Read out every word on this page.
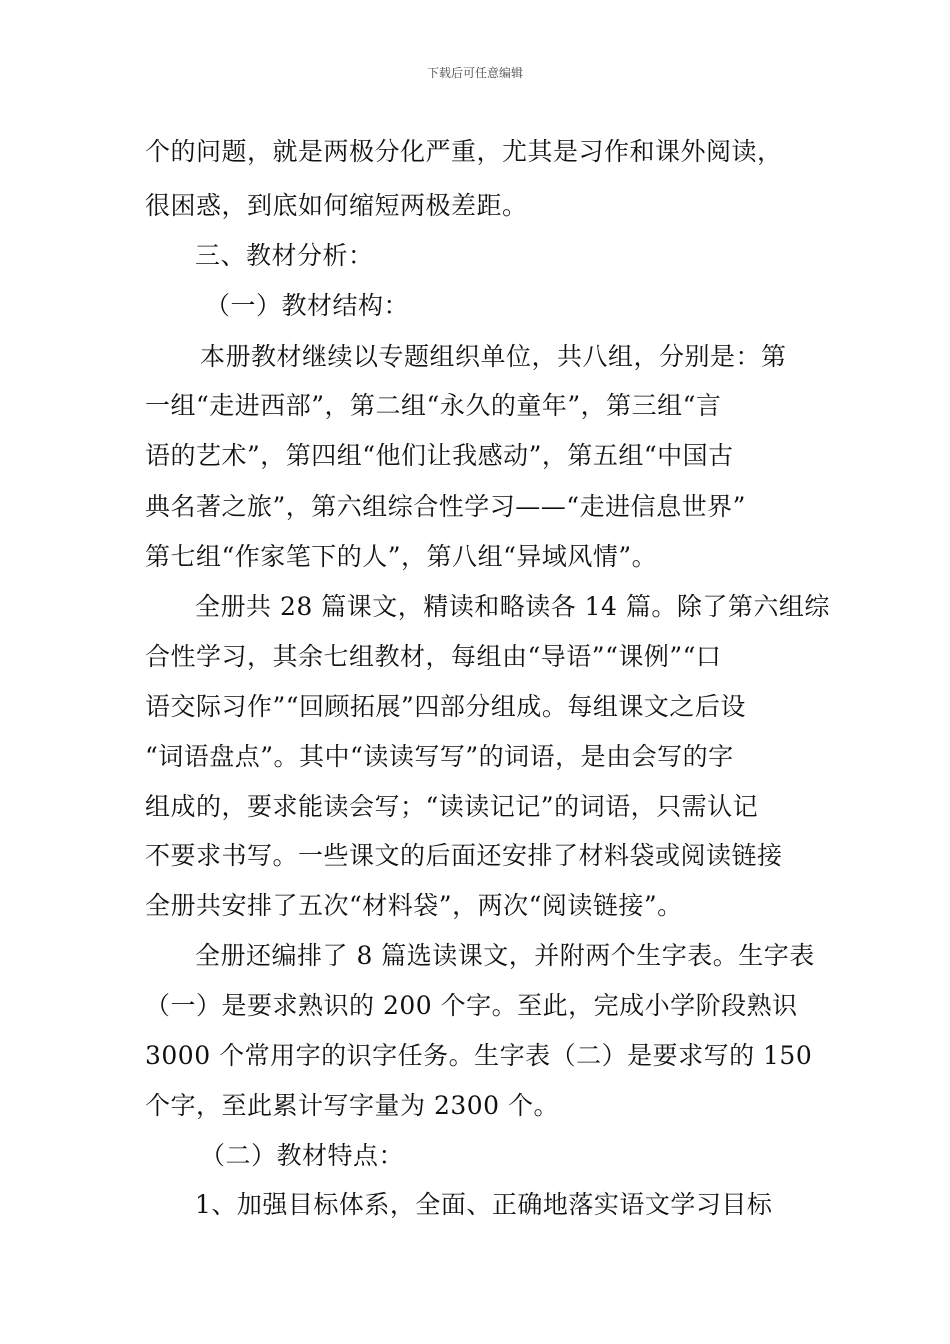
下载后可任意编辑
个的问题，就是两极分化严重，尤其是习作和课外阅读，
很困惑，到底如何缩短两极差距。
三、教材分析：
（一）教材结构：
本册教材继续以专题组织单位，共八组，分别是：第
一组“走进西部”，第二组“永久的童年”，第三组“言
语的艺术”，第四组“他们让我感动”，第五组“中国古
典名著之旅”，第六组综合性学习——“走进信息世界”
第七组“作家笔下的人”，第八组“异域风情”。
全册共 28 篇课文，精读和略读各 14 篇。除了第六组综
合性学习，其余七组教材，每组由“导语”“课例”“口
语交际习作”“回顾拓展”四部分组成。每组课文之后设
“词语盘点”。其中“读读写写”的词语，是由会写的字
组成的，要求能读会写；“读读记记”的词语，只需认记
不要求书写。一些课文的后面还安排了材料袋或阅读链接
全册共安排了五次“材料袋”，两次“阅读链接”。
全册还编排了 8 篇选读课文，并附两个生字表。生字表
（一）是要求熟识的 200 个字。至此，完成小学阶段熟识
3000 个常用字的识字任务。生字表（二）是要求写的 150
个字，至此累计写字量为 2300 个。
（二）教材特点：
1、加强目标体系，全面、正确地落实语文学习目标
